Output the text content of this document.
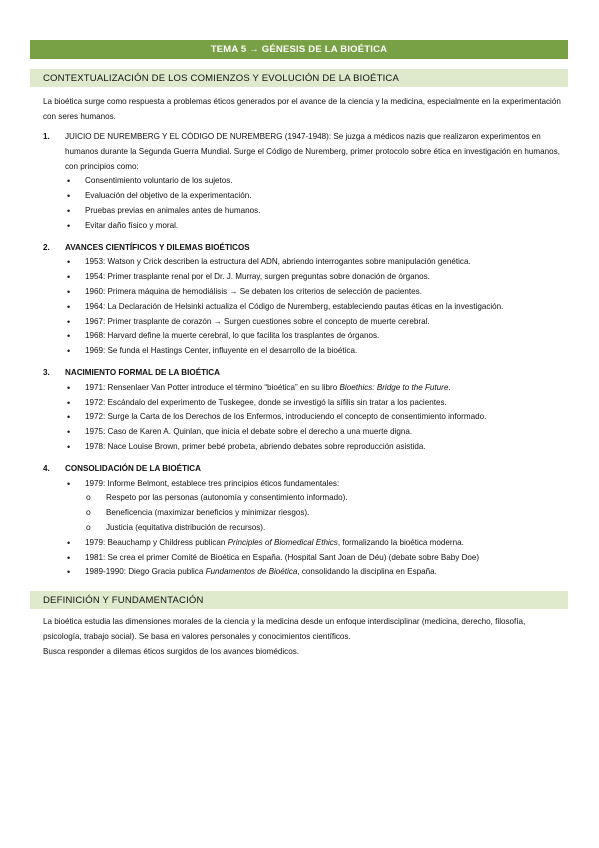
TEMA 5 → GÉNESIS DE LA BIOÉTICA
CONTEXTUALIZACIÓN DE LOS COMIENZOS Y EVOLUCIÓN DE LA BIOÉTICA
La bioética surge como respuesta a problemas éticos generados por el avance de la ciencia y la medicina, especialmente en la experimentación con seres humanos.
1. JUICIO DE NUREMBERG Y EL CÓDIGO DE NUREMBERG (1947-1948): Se juzga a médicos nazis que realizaron experimentos en humanos durante la Segunda Guerra Mundial. Surge el Código de Nuremberg, primer protocolo sobre ética en investigación en humanos, con principios como:
• Consentimiento voluntario de los sujetos.
• Evaluación del objetivo de la experimentación.
• Pruebas previas en animales antes de humanos.
• Evitar daño físico y moral.
2. AVANCES CIENTÍFICOS Y DILEMAS BIOÉTICOS
• 1953: Watson y Crick describen la estructura del ADN, abriendo interrogantes sobre manipulación genética.
• 1954: Primer trasplante renal por el Dr. J. Murray, surgen preguntas sobre donación de órganos.
• 1960: Primera máquina de hemodiálisis → Se debaten los criterios de selección de pacientes.
• 1964: La Declaración de Helsinki actualiza el Código de Nuremberg, estableciendo pautas éticas en la investigación.
• 1967: Primer trasplante de corazón → Surgen cuestiones sobre el concepto de muerte cerebral.
• 1968: Harvard define la muerte cerebral, lo que facilita los trasplantes de órganos.
• 1969: Se funda el Hastings Center, influyente en el desarrollo de la bioética.
3. NACIMIENTO FORMAL DE LA BIOÉTICA
• 1971: Rensenlaer Van Potter introduce el término “bioética” en su libro Bioethics: Bridge to the Future.
• 1972: Escándalo del experimento de Tuskegee, donde se investigó la sífilis sin tratar a los pacientes.
• 1972: Surge la Carta de los Derechos de los Enfermos, introduciendo el concepto de consentimiento informado.
• 1975: Caso de Karen A. Quinlan, que inicia el debate sobre el derecho a una muerte digna.
• 1978: Nace Louise Brown, primer bebé probeta, abriendo debates sobre reproducción asistida.
4. CONSOLIDACIÓN DE LA BIOÉTICA
• 1979: Informe Belmont, establece tres principios éticos fundamentales:
o Respeto por las personas (autonomía y consentimiento informado).
o Beneficencia (maximizar beneficios y minimizar riesgos).
o Justicia (equitativa distribución de recursos).
• 1979: Beauchamp y Childress publican Principles of Biomedical Ethics, formalizando la bioética moderna.
• 1981: Se crea el primer Comité de Bioética en España. (Hospital Sant Joan de Déu) (debate sobre Baby Doe)
• 1989-1990: Diego Gracia publica Fundamentos de Bioética, consolidando la disciplina en España.
DEFINICIÓN Y FUNDAMENTACIÓN
La bioética estudia las dimensiones morales de la ciencia y la medicina desde un enfoque interdisciplinar (medicina, derecho, filosofía, psicología, trabajo social). Se basa en valores personales y conocimientos científicos.
Busca responder a dilemas éticos surgidos de los avances biomédicos.
